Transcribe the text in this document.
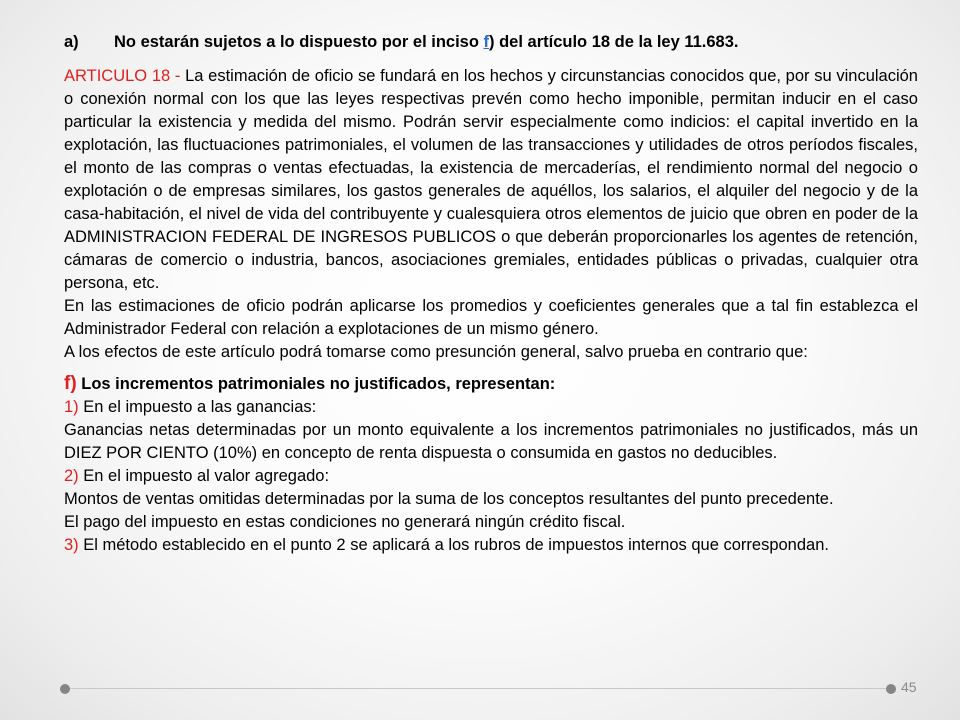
a) No estarán sujetos a lo dispuesto por el inciso f) del artículo 18 de la ley 11.683.

ARTICULO 18 - La estimación de oficio se fundará en los hechos y circunstancias conocidos que, por su vinculación o conexión normal con los que las leyes respectivas prevén como hecho imponible, permitan inducir en el caso particular la existencia y medida del mismo. Podrán servir especialmente como indicios: el capital invertido en la explotación, las fluctuaciones patrimoniales, el volumen de las transacciones y utilidades de otros períodos fiscales, el monto de las compras o ventas efectuadas, la existencia de mercaderías, el rendimiento normal del negocio o explotación o de empresas similares, los gastos generales de aquéllos, los salarios, el alquiler del negocio y de la casa-habitación, el nivel de vida del contribuyente y cualesquiera otros elementos de juicio que obren en poder de la ADMINISTRACION FEDERAL DE INGRESOS PUBLICOS o que deberán proporcionarles los agentes de retención, cámaras de comercio o industria, bancos, asociaciones gremiales, entidades públicas o privadas, cualquier otra persona, etc.

En las estimaciones de oficio podrán aplicarse los promedios y coeficientes generales que a tal fin establezca el Administrador Federal con relación a explotaciones de un mismo género.

A los efectos de este artículo podrá tomarse como presunción general, salvo prueba en contrario que:

f) Los incrementos patrimoniales no justificados, representan:

1) En el impuesto a las ganancias:

Ganancias netas determinadas por un monto equivalente a los incrementos patrimoniales no justificados, más un DIEZ POR CIENTO (10%) en concepto de renta dispuesta o consumida en gastos no deducibles.

2) En el impuesto al valor agregado:

Montos de ventas omitidas determinadas por la suma de los conceptos resultantes del punto precedente.

El pago del impuesto en estas condiciones no generará ningún crédito fiscal.

3) El método establecido en el punto 2 se aplicará a los rubros de impuestos internos que correspondan.

45
